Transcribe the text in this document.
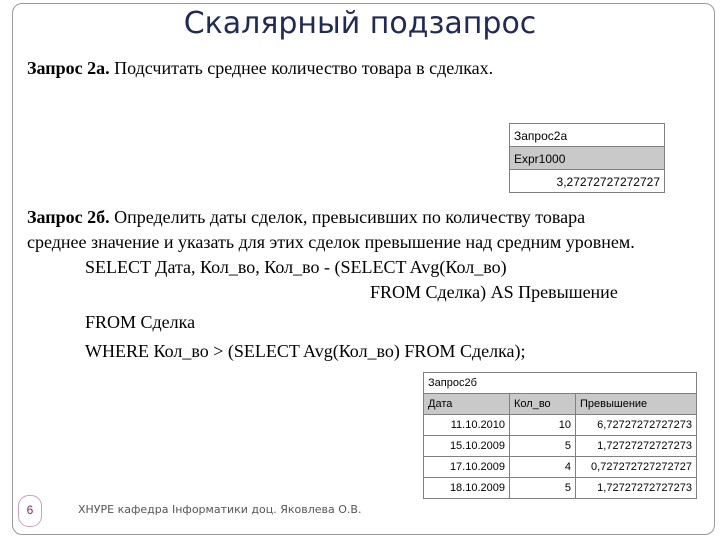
Скалярный подзапрос
Запрос 2а. Подсчитать среднее количество товара в сделках.
Запрос2а
Expr1000
3,27272727272727
Запрос 2б. Определить даты сделок, превысивших по количеству товара
среднее значение и указать для этих сделок превышение над средним уровнем.
SELECT Дата, Кол_во, Кол_во - (SELECT Avg(Кол_во)
FROM Сделка) AS Превышение
FROM Сделка
WHERE Кол_во > (SELECT Avg(Кол_во) FROM Сделка);
Запрос2б
Дата	Кол_во	Превышение
11.10.2010	10	6,72727272727273
15.10.2009	5	1,72727272727273
17.10.2009	4	0,727272727272727
18.10.2009	5	1,72727272727273
6	ХНУРЕ кафедра Інформатики доц. Яковлева О.В.
